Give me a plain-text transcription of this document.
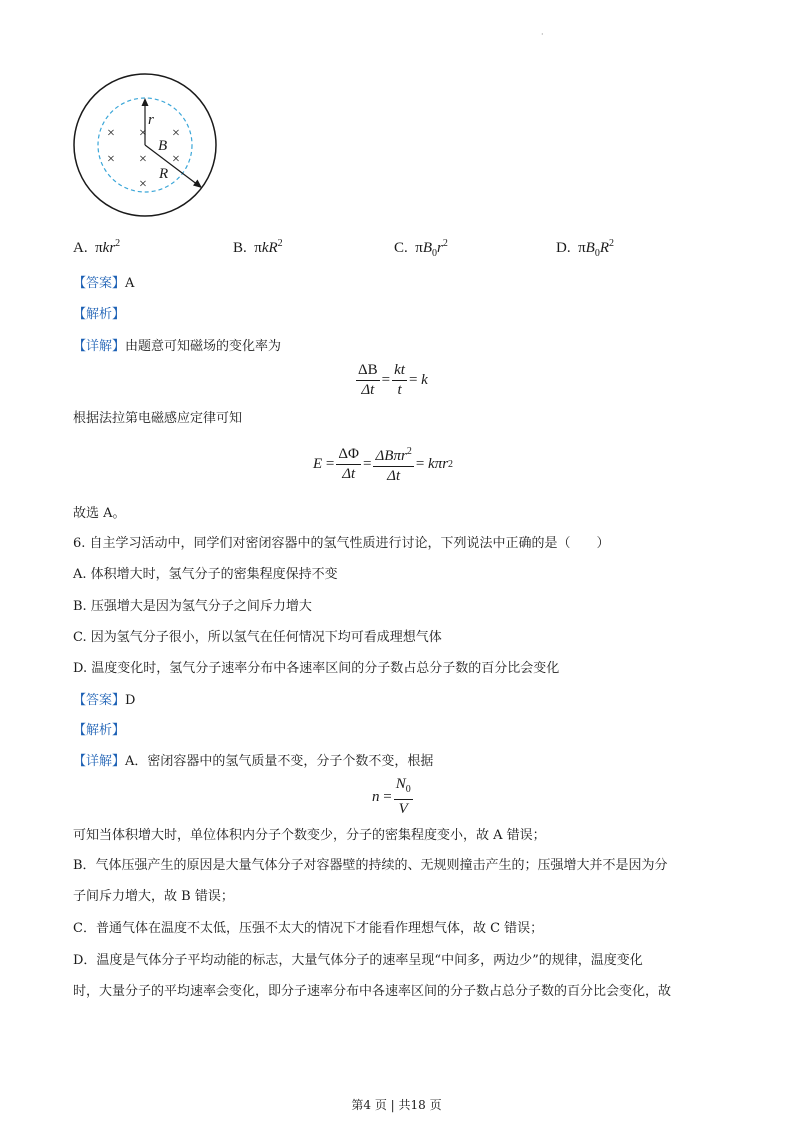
·
× × ×
× × ×
×
r
B
R
A. πkr$^2$	B. πkR$^2$	C. $\pi B_0r^2$	D. $\pi B_0R^2$
【答案】A
【解析】
【详解】由题意可知磁场的变化率为
$\frac{\Delta B}{\Delta t} = \frac{kt}{t}$ =
k
根据法拉第电磁感应定律可知
E
= $\frac{\Delta\Phi}{\Delta t} = \frac{\Delta B\pi r^2}{\Delta t}$ =
kπr 2
故选 A。
6. 自主学习活动中，同学们对密闭容器中的氢气性质进行讨论，下列说法中正确的是（　　）
A. 体积增大时，氢气分子的密集程度保持不变
B. 压强增大是因为氢气分子之间斥力增大
C. 因为氢气分子很小，所以氢气在任何情况下均可看成理想气体
D. 温度变化时，氢气分子速率分布中各速率区间的分子数占总分子数的百分比会变化
【答案】D
【解析】
【详解】A．密闭容器中的氢气质量不变，分子个数不变，根据
n
= $\frac{N_0}{V}$
可知当体积增大时，单位体积内分子个数变少，分子的密集程度变小，故 A 错误；
B．气体压强产生的原因是大量气体分子对容器壁的持续的、无规则撞击产生的；压强增大并不是因为分
子间斥力增大，故 B 错误；
C．普通气体在温度不太低，压强不太大的情况下才能看作理想气体，故 C 错误；
D．温度是气体分子平均动能的标志，大量气体分子的速率呈现“中间多，两边少”的规律，温度变化
时，大量分子的平均速率会变化，即分子速率分布中各速率区间的分子数占总分子数的百分比会变化，故
第4 页 | 共18 页
